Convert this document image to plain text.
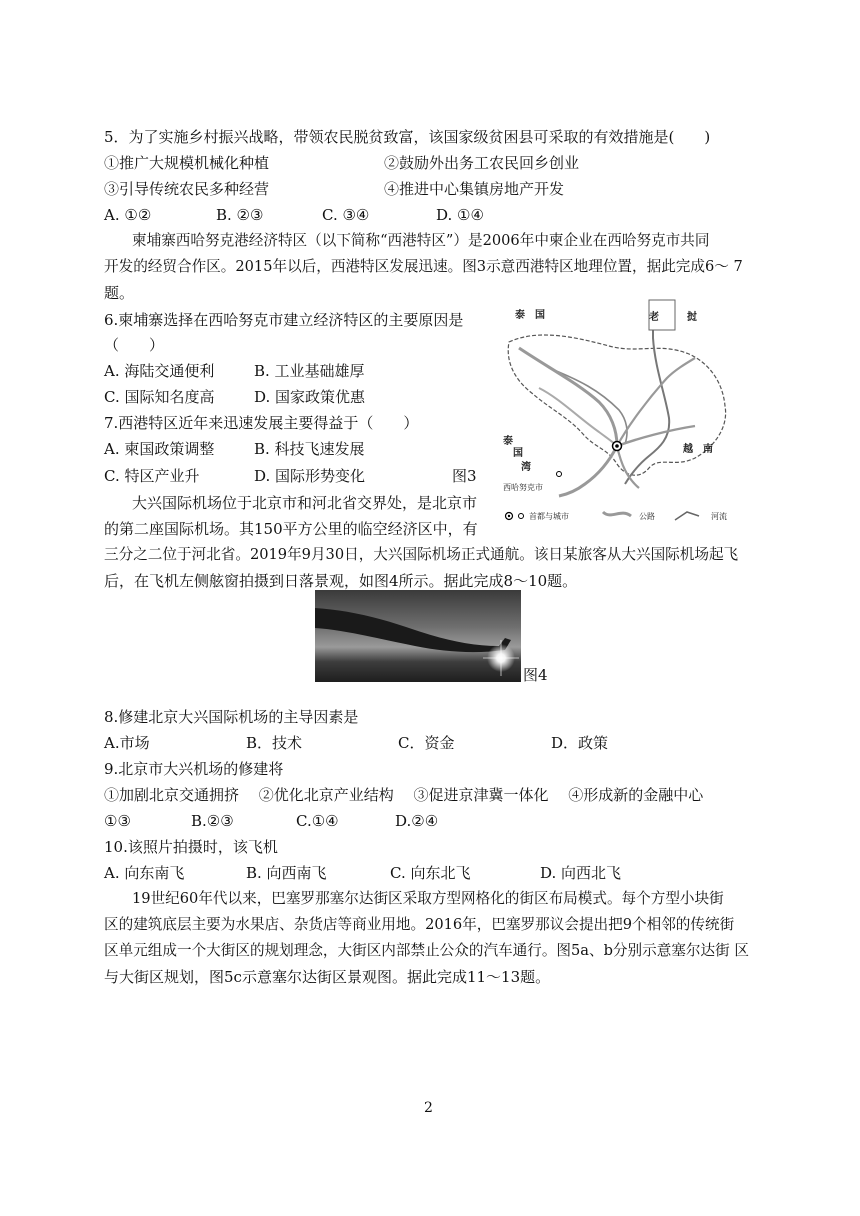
5．为了实施乡村振兴战略，带领农民脱贫致富，该国家级贫困县可采取的有效措施是(　　)
①推广大规模机械化种植	②鼓励外出务工农民回乡创业
③引导传统农民多种经营	④推进中心集镇房地产开发
A. ①②	B. ②③	C. ③④	D. ①④
柬埔寨西哈努克港经济特区（以下简称“西港特区”）是2006年中柬企业在西哈努克市共同
开发的经贸合作区。2015年以后，西港特区发展迅速。图3示意西港特区地理位置，据此完成6～ 7
题。
6.柬埔寨选择在西哈努克市建立经济特区的主要原因是
（　　）
A. 海陆交通便利	B. 工业基础雄厚
C. 国际知名度高	D. 国家政策优惠
7.西港特区近年来迅速发展主要得益于（　　）
A. 柬国政策调整	B. 科技飞速发展
C. 特区产业升	D. 国际形势变化	图3
泰　国	老	挝
越　南
泰
国
湾
西哈努克市
首都与城市	公路	河流
大兴国际机场位于北京市和河北省交界处，是北京市
的第二座国际机场。其150平方公里的临空经济区中，有
三分之二位于河北省。2019年9月30日，大兴国际机场正式通航。该日某旅客从大兴国际机场起飞
后，在飞机左侧舷窗拍摄到日落景观，如图4所示。据此完成8～10题。
图4
8.修建北京大兴国际机场的主导因素是
A.市场	B．技术	C．资金	D．政策
9.北京市大兴机场的修建将
①加剧北京交通拥挤　 ②优化北京产业结构　 ③促进京津冀一体化　 ④形成新的金融中心
①③	B.②③	C.①④	D.②④
10.该照片拍摄时，该飞机
A. 向东南飞	B. 向西南飞	C. 向东北飞	D. 向西北飞
19世纪60年代以来，巴塞罗那塞尔达街区采取方型网格化的街区布局模式。每个方型小块街
区的建筑底层主要为水果店、杂货店等商业用地。2016年，巴塞罗那议会提出把9个相邻的传统街
区单元组成一个大街区的规划理念，大街区内部禁止公众的汽车通行。图5a、b分别示意塞尔达街 区
与大街区规划，图5c示意塞尔达街区景观图。据此完成11～13题。
2
